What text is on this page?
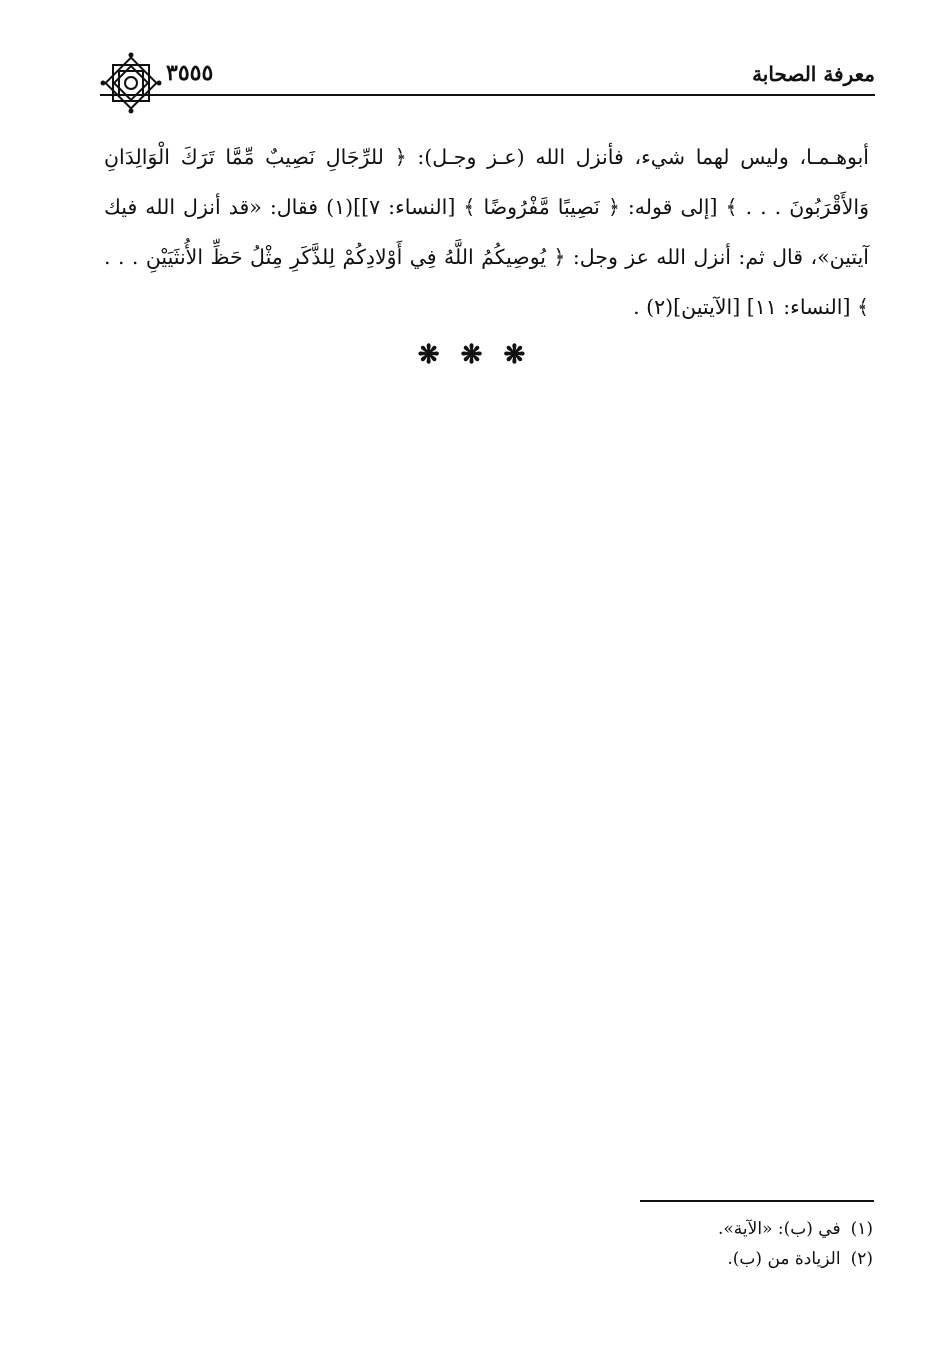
معرفة الصحابة
٣٥٥٥

أبوهـمـا، وليس لهما شيء، فأنزل الله (عـز وجـل): ﴿ للرِّجَالِ نَصِيبٌ مِّمَّا تَرَكَ الْوَالِدَانِ وَالأَقْرَبُونَ . . . ﴾ [إلى قوله: ﴿ نَصِيبًا مَّفْرُوضًا ﴾ [النساء: ٧]](١) فقال: «قد أنزل الله فيك آيتين»، قال ثم: أنزل الله عز وجل: ﴿ يُوصِيكُمُ اللَّهُ فِي أَوْلادِكُمْ لِلذَّكَرِ مِثْلُ حَظِّ الأُنثَيَيْنِ . . . ﴾ [النساء: ١١] [الآيتين](٢) .

❋ ❋ ❋
(١)في (ب): «الآية».
(٢)الزيادة من (ب).
